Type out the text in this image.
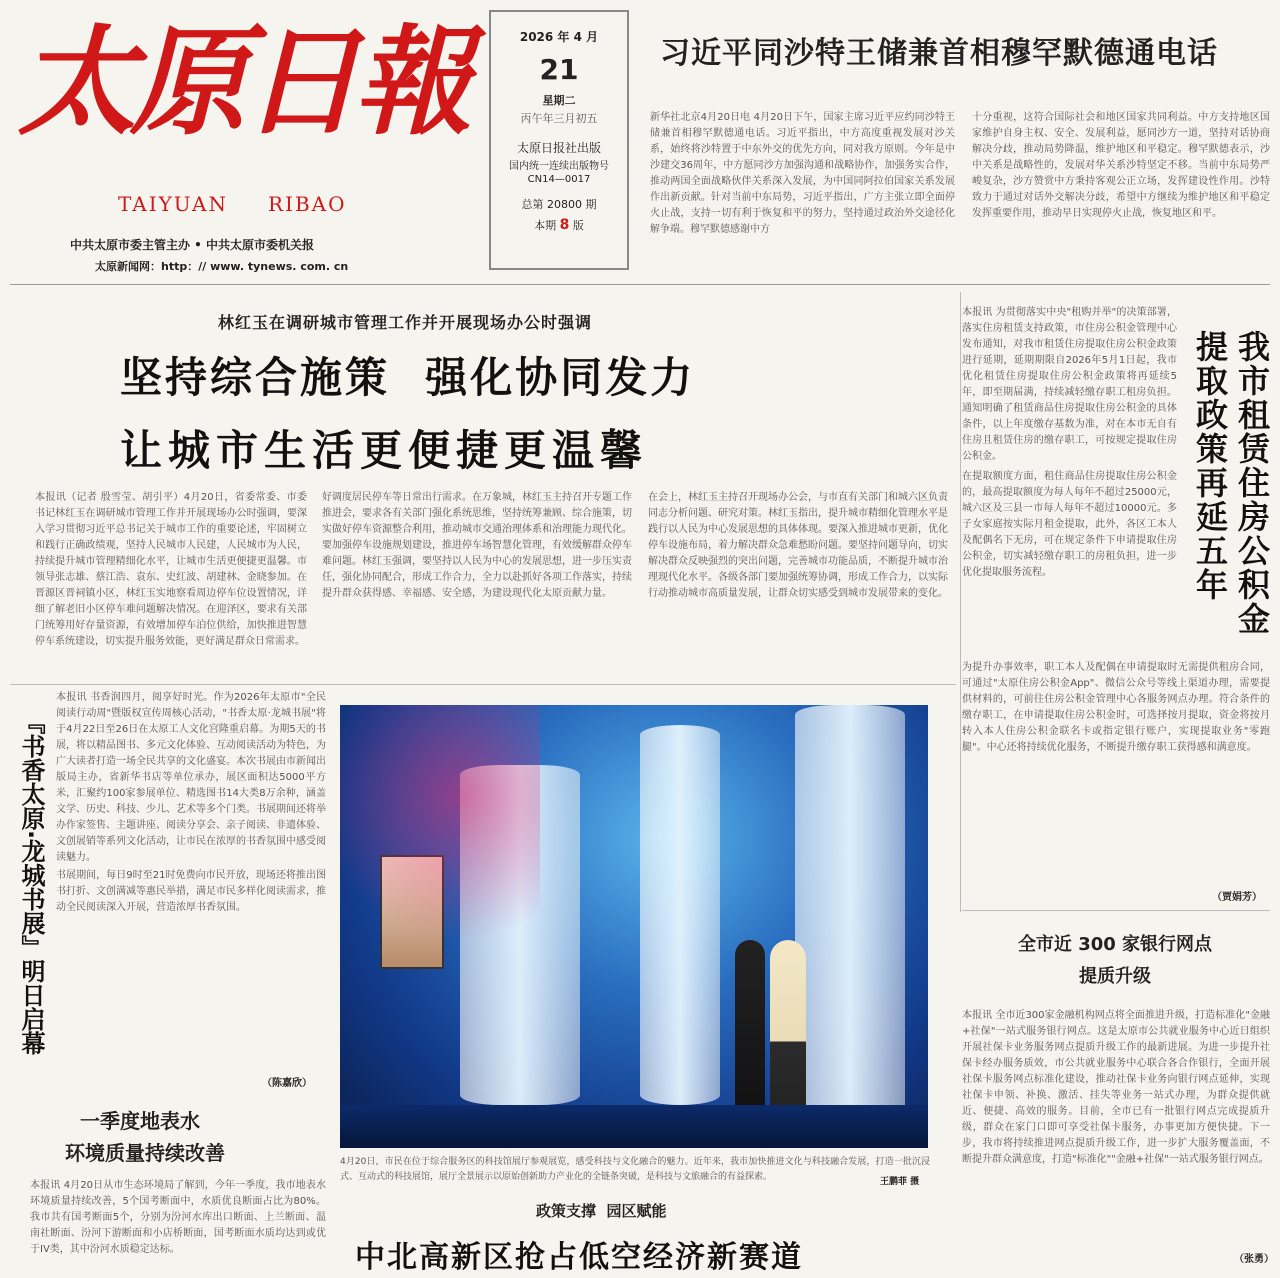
太原日報
TAIYUAN RIBAO
中共太原市委主管主办 • 中共太原市委机关报
太原新闻网：http：// www. tynews. com. cn
2026 年 4 月
21
星期二
丙午年三月初五
太原日报社出版
国内统一连续出版物号
CN14—0017
总第 20800 期
本期 8 版
习近平同沙特王储兼首相穆罕默德通电话

新华社北京4月20日电 4月20日下午，国家主席习近平应约同沙特王储兼首相穆罕默德通电话。习近平指出，中方高度重视发展对沙关系，始终将沙特置于中东外交的优先方向，同对我方原则。今年是中沙建交36周年，中方愿同沙方加强沟通和战略协作，加强务实合作，推动两国全面战略伙伴关系深入发展，为中国同阿拉伯国家关系发展作出新贡献。针对当前中东局势，习近平指出，广方主张立即全面停火止战，支持一切有利于恢复和平的努力，坚持通过政治外交途径化解争端。穆罕默德感谢中方

十分重视，这符合国际社会和地区国家共同利益。中方支持地区国家维护自身主权、安全、发展利益，愿同沙方一道，坚持对话协商解决分歧，推动局势降温，维护地区和平稳定。穆罕默德表示，沙中关系是战略性的，发展对华关系沙特坚定不移。当前中东局势严峻复杂，沙方赞赏中方秉持客观公正立场，发挥建设性作用。沙特致力于通过对话外交解决分歧，希望中方继续为维护地区和平稳定发挥重要作用，推动早日实现停火止战，恢复地区和平。

林红玉在调研城市管理工作并开展现场办公时强调
坚持综合施策  强化协同发力
让城市生活更便捷更温馨

本报讯（记者 殷雪莹、胡引平）4月20日，省委常委、市委书记林红玉在调研城市管理工作并开展现场办公时强调，要深入学习贯彻习近平总书记关于城市工作的重要论述，牢固树立和践行正确政绩观，坚持人民城市人民建，人民城市为人民，持续提升城市管理精细化水平，让城市生活更便捷更温馨。市领导张志雄、蔡江浩、袁东、史红波、胡建林、金晓参加。在晋源区晋祠镇小区，林红玉实地察看周边停车位设置情况，详细了解老旧小区停车难问题解决情况。在迎泽区，要求有关部门统筹用好存量资源，有效增加停车泊位供给，加快推进智慧停车系统建设，切实提升服务效能，更好满足群众日常需求。

好调度居民停车等日常出行需求。在万象城，林红玉主持召开专题工作推进会，要求各有关部门强化系统思维，坚持统筹兼顾、综合施策，切实做好停车资源整合利用，推动城市交通治理体系和治理能力现代化。要加强停车设施规划建设，推进停车场智慧化管理，有效缓解群众停车难问题。林红玉强调，要坚持以人民为中心的发展思想，进一步压实责任，强化协同配合，形成工作合力，全力以赴抓好各项工作落实，持续提升群众获得感、幸福感、安全感，为建设现代化太原贡献力量。

在会上，林红玉主持召开现场办公会，与市直有关部门和城六区负责同志分析问题、研究对策。林红玉指出，提升城市精细化管理水平是践行以人民为中心发展思想的具体体现。要深入推进城市更新，优化停车设施布局，着力解决群众急难愁盼问题。要坚持问题导向，切实解决群众反映强烈的突出问题，完善城市功能品质，不断提升城市治理现代化水平。各级各部门要加强统筹协调，形成工作合力，以实际行动推动城市高质量发展，让群众切实感受到城市发展带来的变化。	我市租赁住房公积金
提取政策再延五年

本报讯 为贯彻落实中央"租购并举"的决策部署，落实住房租赁支持政策，市住房公积金管理中心发布通知，对我市租赁住房提取住房公积金政策进行延期，延期期限自2026年5月1日起，我市优化租赁住房提取住房公积金政策将再延续5年，即至期届满，持续减轻缴存职工租房负担。通知明确了租赁商品住房提取住房公积金的具体条件，以上年度缴存基数为准，对在本市无自有住房且租赁住房的缴存职工，可按规定提取住房公积金。

在提取额度方面，租住商品住房提取住房公积金的，最高提取额度为每人每年不超过25000元，城六区及三县一市每人每年不超过10000元。多子女家庭按实际月租金提取，此外，各区工本人及配偶名下无房，可在规定条件下申请提取住房公积金，切实减轻缴存职工的房租负担，进一步优化提取服务流程。

为提升办事效率，职工本人及配偶在申请提取时无需提供租房合同，可通过"太原住房公积金App"、微信公众号等线上渠道办理，需要提供材料的，可前往住房公积金管理中心各服务网点办理。符合条件的缴存职工，在申请提取住房公积金时，可选择按月提取，资金将按月转入本人住房公积金联名卡或指定银行账户，实现提取业务"零跑腿"。中心还将持续优化服务，不断提升缴存职工获得感和满意度。

（贾娟芳）
全市近 300 家银行网点
提质升级

本报讯 全市近300家金融机构网点将全面推进升级，打造标准化"金融+社保"一站式服务银行网点。这是太原市公共就业服务中心近日组织开展社保卡业务服务网点提质升级工作的最新进展。为进一步提升社保卡经办服务质效，市公共就业服务中心联合各合作银行，全面开展社保卡服务网点标准化建设，推动社保卡业务向银行网点延伸，实现社保卡申领、补换、激活、挂失等业务一站式办理，为群众提供就近、便捷、高效的服务。目前，全市已有一批银行网点完成提质升级，群众在家门口即可享受社保卡服务，办事更加方便快捷。下一步，我市将持续推进网点提质升级工作，进一步扩大服务覆盖面，不断提升群众满意度，打造"标准化""金融+社保"一站式服务银行网点。

（张勇）
『书香太原·龙城书展』明日启幕

本报讯 书香润四月，阅享好时光。作为2026年太原市"全民阅读行动周"暨版权宣传周核心活动，"书香太原·龙城书展"将于4月22日至26日在太原工人文化宫隆重启幕。为期5天的书展，将以精品图书、多元文化体验、互动阅读活动为特色，为广大读者打造一场全民共享的文化盛宴。本次书展由市新闻出版局主办，省新华书店等单位承办，展区面积达5000平方米，汇聚约100家参展单位、精选图书14大类8万余种，涵盖文学、历史、科技、少儿、艺术等多个门类。书展期间还将举办作家签售、主题讲座、阅读分享会、亲子阅读、非遗体验、文创展销等系列文化活动，让市民在浓厚的书香氛围中感受阅读魅力。

书展期间，每日9时至21时免费向市民开放，现场还将推出图书打折、文创满减等惠民举措，满足市民多样化阅读需求，推动全民阅读深入开展，营造浓厚书香氛围。

（陈嘉欣）
一季度地表水
环境质量持续改善

本报讯 4月20日从市生态环境局了解到，今年一季度，我市地表水环境质量持续改善，5个国考断面中，水质优良断面占比为80%。我市共有国考断面5个，分别为汾河水库出口断面、上兰断面、温南社断面、汾河下游断面和小店桥断面，国考断面水质均达到或优于IV类，其中汾河水质稳定达标。

4月20日，市民在位于综合服务区的科技馆展厅参观展览，感受科技与文化融合的魅力。近年来，我市加快推进文化与科技融合发展，打造一批沉浸式、互动式的科技展馆，展厅全景展示以原始创新助力产业化的全链条突破，是科技与文旅融合的有益探索。	王鹏菲 摄
政策支撑  园区赋能
中北高新区抢占低空经济新赛道
